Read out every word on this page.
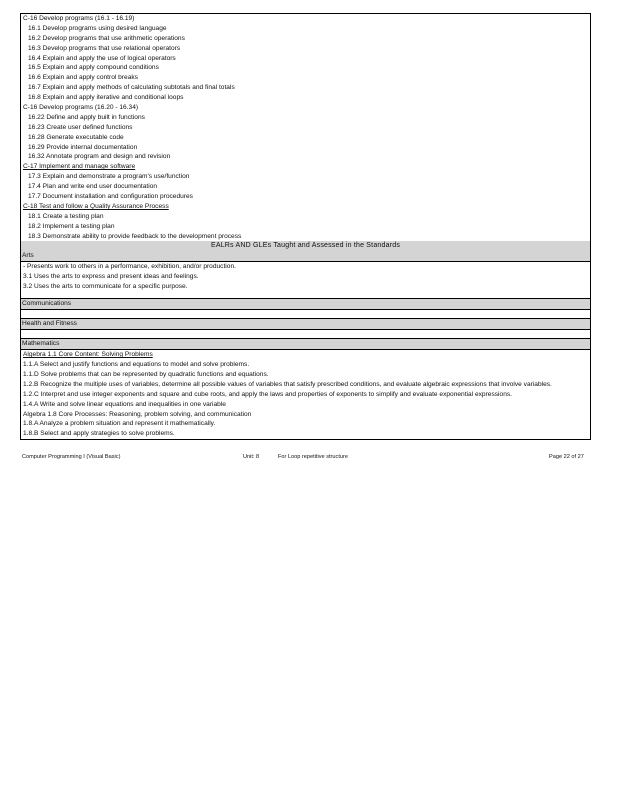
C-16 Develop programs (16.1 - 16.19)
16.1 Develop programs using desired language
16.2 Develop programs that use arithmetic operations
16.3 Develop programs that use relational operators
16.4 Explain and apply the use of logical operators
16.5 Explain and apply compound conditions
16.6 Explain and apply control breaks
16.7 Explain and apply methods of calculating subtotals and final totals
16.8 Explain and apply iterative and conditional loops
C-16 Develop programs (16.20 - 16.34)
16.22 Define and apply built in functions
16.23 Create user defined functions
16.28 Generate executable code
16.29 Provide internal documentation
16.32 Annotate program and design and revision
C-17 Implement and manage software
17.3 Explain and demonstrate a program's use/function
17.4 Plan and write end user documentation
17.7 Document installation and configuration procedures
C-18 Test and follow a Quality Assurance Process
18.1 Create a testing plan
18.2 Implement a testing plan
18.3 Demonstrate ability to provide feedback to the development process
EALRs AND GLEs Taught and Assessed in the Standards
Arts
- Presents work to others in a performance, exhibition, and/or production.
3.1 Uses the arts to express and present ideas and feelings.
3.2 Uses the arts to communicate for a specific purpose.
Communications
Health and Fitness
Mathematics
Algebra 1.1 Core Content: Solving Problems
1.1.A Select and justify functions and equations to model and solve problems.
1.1.D Solve problems that can be represented by quadratic functions and equations.
1.2.B Recognize the multiple uses of variables, determine all possible values of variables that satisfy prescribed conditions, and evaluate algebraic expressions that involve variables.
1.2.C Interpret and use integer exponents and square and cube roots, and apply the laws and properties of exponents to simplify and evaluate exponential expressions.
1.4.A Write and solve linear equations and inequalities in one variable
Algebra 1.8 Core Processes: Reasoning, problem solving, and communication
1.8.A Analyze a problem situation and represent it mathematically.
1.8.B Select and apply strategies to solve problems.
Computer Programming I (Visual Basic)	Unit: 8	For Loop repetitive structure	Page 22 of 27
